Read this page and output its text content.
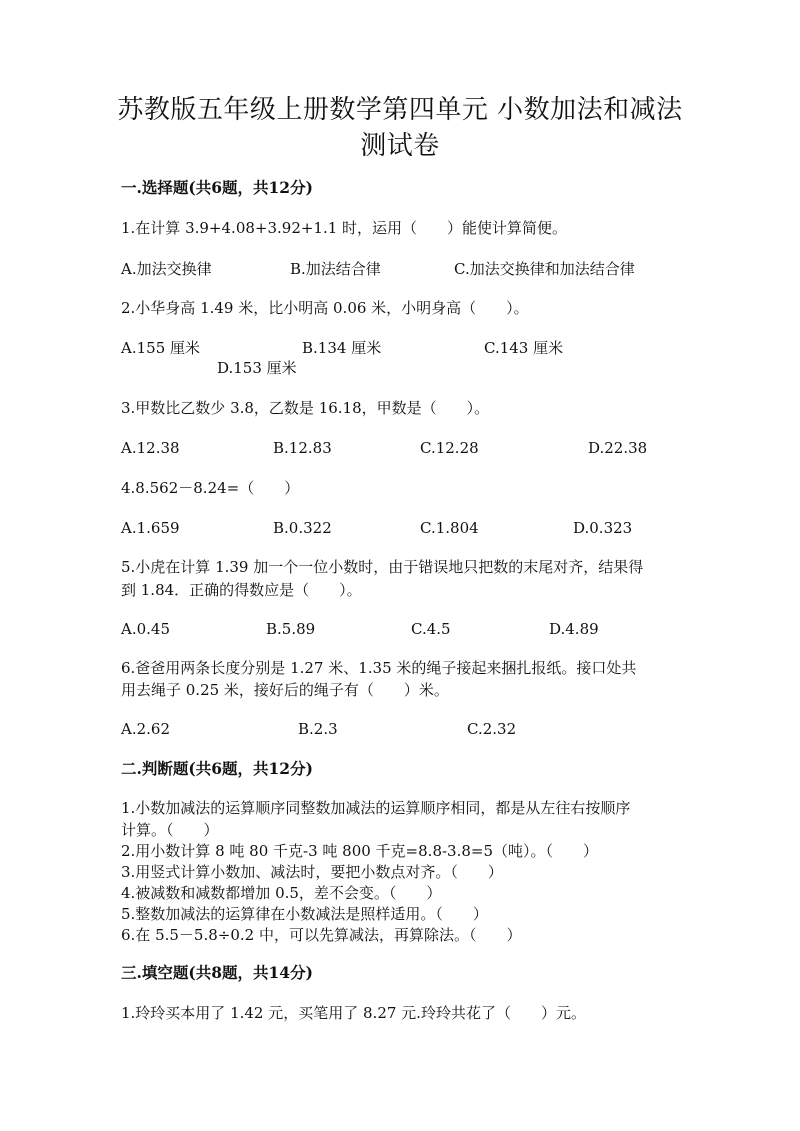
苏教版五年级上册数学第四单元 小数加法和减法
测试卷
一.选择题(共6题，共12分)
1.在计算 3.9+4.08+3.92+1.1 时，运用（　　）能使计算简便。
A.加法交换律	B.加法结合律	C.加法交换律和加法结合律
2.小华身高 1.49 米，比小明高 0.06 米，小明身高（　　）。
A.155 厘米	B.134 厘米	C.143 厘米
D.153 厘米
3.甲数比乙数少 3.8，乙数是 16.18，甲数是（　　）。
A.12.38	B.12.83	C.12.28	D.22.38
4.8.562－8.24=（　　）
A.1.659	B.0.322	C.1.804	D.0.323
5.小虎在计算 1.39 加一个一位小数时，由于错误地只把数的末尾对齐，结果得
到 1.84．正确的得数应是（　　）。
A.0.45	B.5.89	C.4.5	D.4.89
6.爸爸用两条长度分别是 1.27 米、1.35 米的绳子接起来捆扎报纸。接口处共
用去绳子 0.25 米，接好后的绳子有（　　）米。
A.2.62	B.2.3	C.2.32
二.判断题(共6题，共12分)
1.小数加减法的运算顺序同整数加减法的运算顺序相同，都是从左往右按顺序
计算。（　　）
2.用小数计算 8 吨 80 千克-3 吨 800 千克=8.8-3.8=5（吨）。（　　）
3.用竖式计算小数加、减法时，要把小数点对齐。（　　）
4.被减数和减数都增加 0.5，差不会变。（　　）
5.整数加减法的运算律在小数减法是照样适用。（　　）
6.在 5.5－5.8÷0.2 中，可以先算减法，再算除法。（　　）
三.填空题(共8题，共14分)
1.玲玲买本用了 1.42 元，买笔用了 8.27 元.玲玲共花了（　　）元。
